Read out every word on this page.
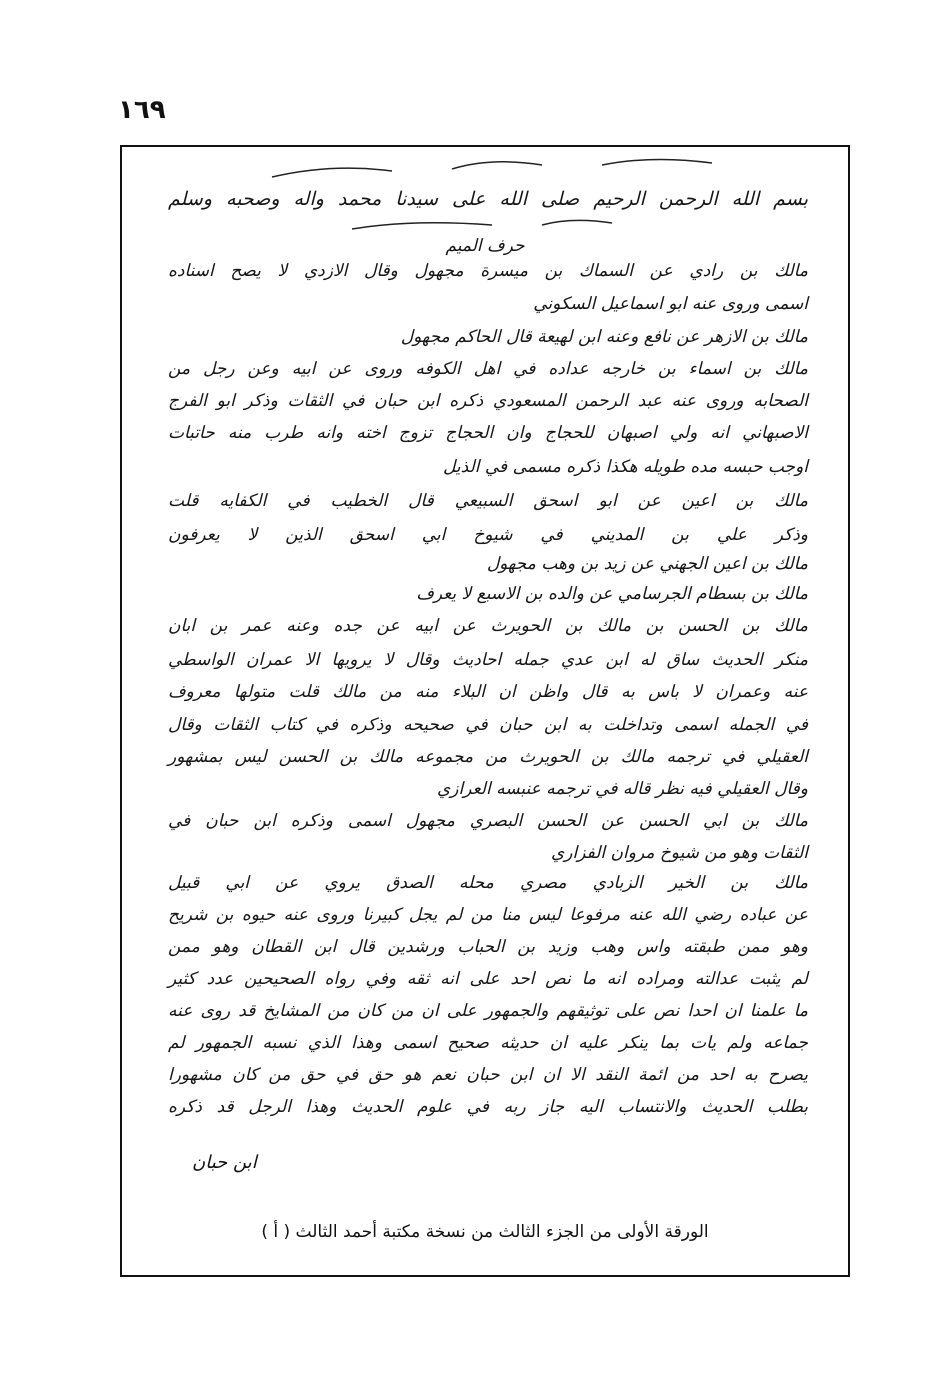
١٦٩
بسم الله الرحمن الرحيم صلى الله على سيدنا محمد واله وصحبه وسلم
حرف الميم
مالك بن رادي عن السماك بن ميسرة مجهول وقال الازدي لا يصح اسناده
اسمى وروى عنه ابو اسماعيل السكوني
مالك بن الازهر عن نافع وعنه ابن لهيعة قال الحاكم مجهول
مالك بن اسماء بن خارجه عداده في اهل الكوفه وروى عن ابيه وعن رجل من
الصحابه وروى عنه عبد الرحمن المسعودي ذكره ابن حبان في الثقات وذكر ابو الفرج
الاصبهاني انه ولي اصبهان للحجاج وان الحجاج تزوج اخته وانه طرب منه حاتبات
اوجب حبسه مده طويله هكذا ذكره مسمى في الذيل
مالك بن اعين عن ابو اسحق السبيعي قال الخطيب في الكفايه قلت
وذكر علي بن المديني في شيوخ ابي اسحق الذين لا يعرفون
مالك بن اعين الجهني عن زيد بن وهب مجهول
مالك بن بسطام الجرسامي عن والده بن الاسبع لا يعرف
مالك بن الحسن بن مالك بن الحويرث عن ابيه عن جده وعنه عمر بن ابان
منكر الحديث ساق له ابن عدي جمله احاديث وقال لا يرويها الا عمران الواسطي
عنه وعمران لا باس به قال واظن ان البلاء منه من مالك قلت متولها معروف
في الجمله اسمى وتداخلت به ابن حبان في صحيحه وذكره في كتاب الثقات وقال
العقيلي في ترجمه مالك بن الحويرث من مجموعه مالك بن الحسن ليس بمشهور
وقال العقيلي فيه نظر قاله في ترجمه عنبسه العرازي
مالك بن ابي الحسن عن الحسن البصري مجهول اسمى وذكره ابن حبان في
الثقات وهو من شيوخ مروان الفزاري
مالك بن الخير الزبادي مصري محله الصدق يروي عن ابي قبيل
عن عباده رضي الله عنه مرفوعا ليس منا من لم يجل كبيرنا وروى عنه حيوه بن شريح
وهو ممن طبقته واس وهب وزيد بن الحباب ورشدين قال ابن القطان وهو ممن
لم يثبت عدالته ومراده انه ما نص احد على انه ثقه وفي رواه الصحيحين عدد كثير
ما علمنا ان احدا نص على توثيقهم والجمهور على ان من كان من المشايخ قد روى عنه
جماعه ولم يات بما ينكر عليه ان حديثه صحيح اسمى وهذا الذي نسبه الجمهور لم
يصرح به احد من ائمة النقد الا ان ابن حبان نعم هو حق في حق من كان مشهورا
بطلب الحديث والانتساب اليه جاز ربه في علوم الحديث وهذا الرجل قد ذكره
ابن حبان
الورقة الأولى من الجزء الثالث من نسخة مكتبة أحمد الثالث ( أ )
